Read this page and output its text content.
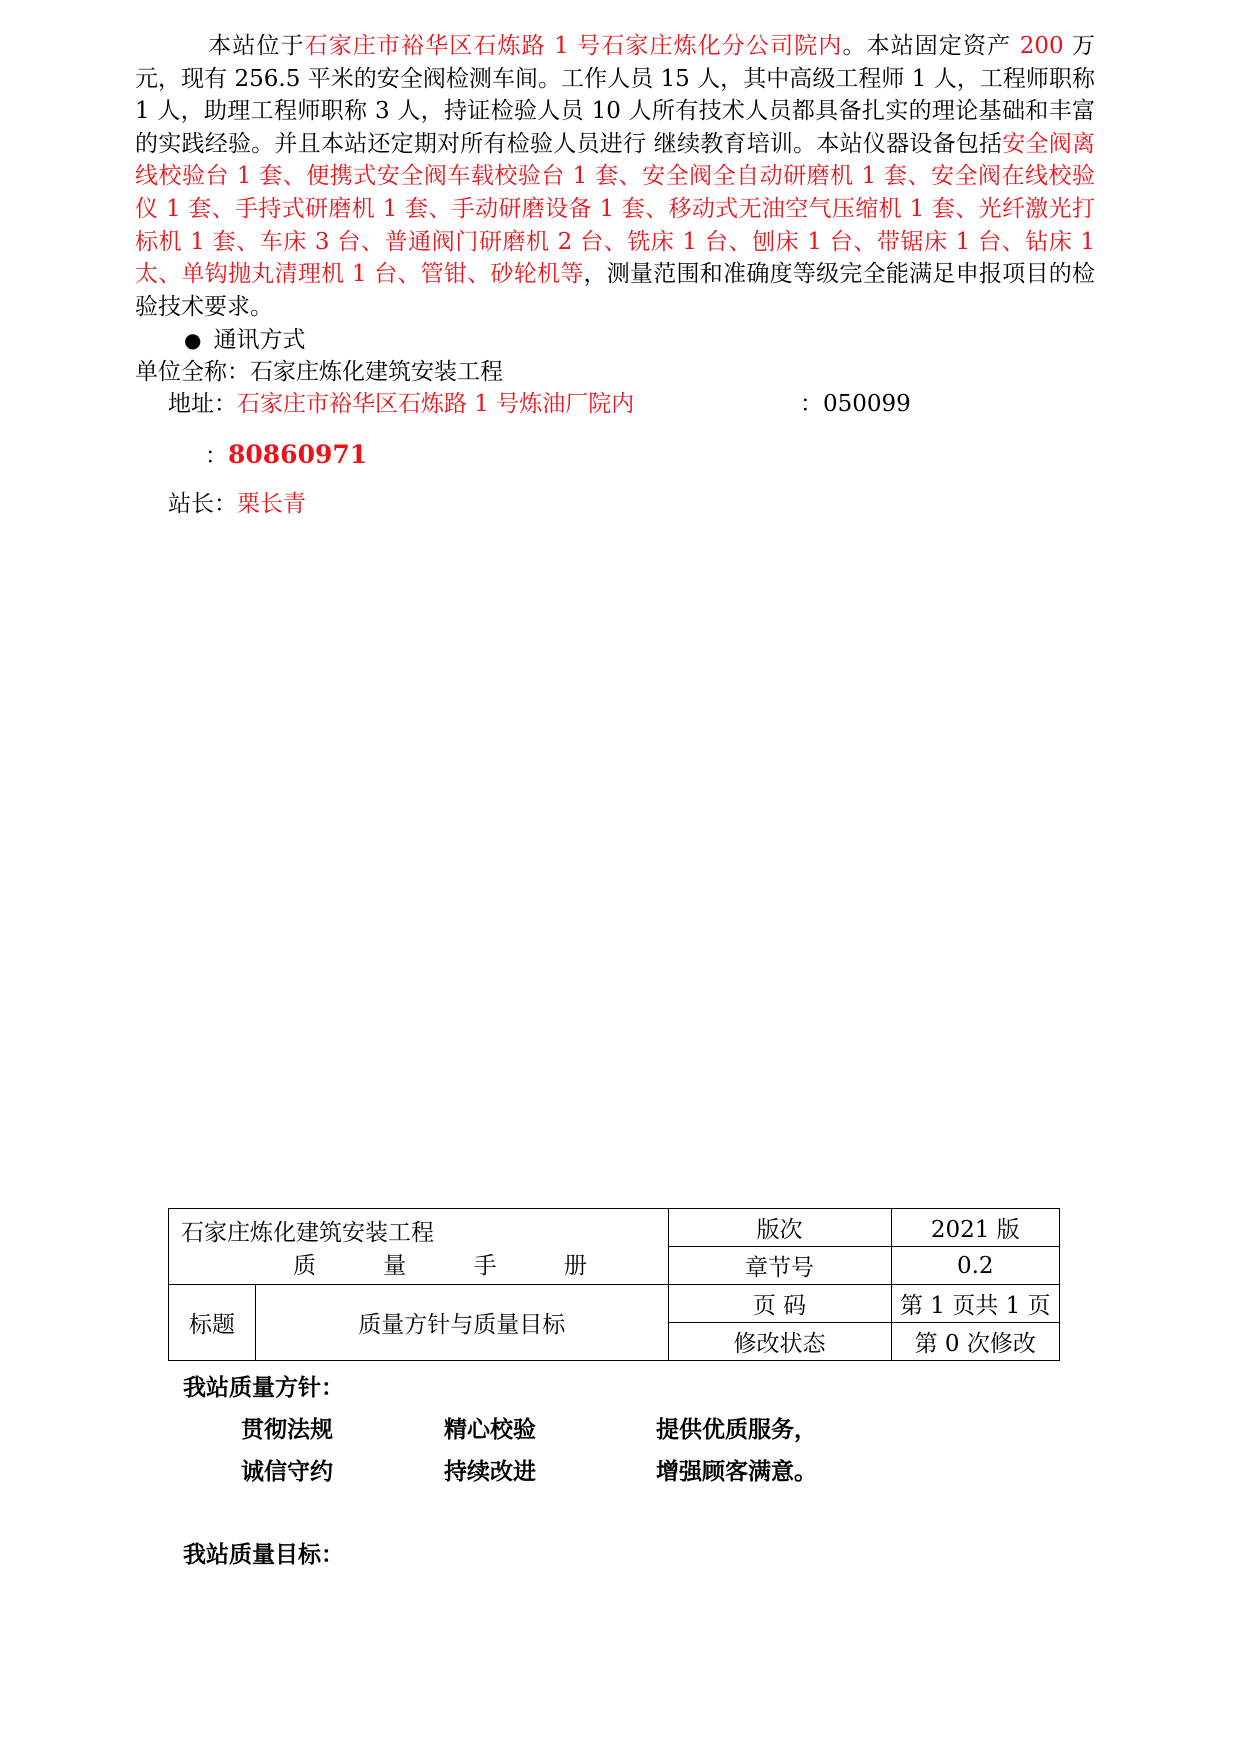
本站位于石家庄市裕华区石炼路 1 号石家庄炼化分公司院内。本站固定资产 200 万元，现有 256.5 平米的安全阀检测车间。工作人员 15 人，其中高级工程师 1 人，工程师职称 1 人，助理工程师职称 3 人，持证检验人员 10 人所有技术人员都具备扎实的理论基础和丰富的实践经验。并且本站还定期对所有检验人员进行 继续教育培训。本站仪器设备包括安全阀离线校验台 1 套、便携式安全阀车载校验台 1 套、安全阀全自动研磨机 1 套、安全阀在线校验仪 1 套、手持式研磨机 1 套、手动研磨设备 1 套、移动式无油空气压缩机 1 套、光纤激光打标机 1 套、车床 3 台、普通阀门研磨机 2 台、铣床 1 台、刨床 1 台、带锯床 1 台、钻床 1 太、单钩抛丸清理机 1 台、管钳、砂轮机等，测量范围和准确度等级完全能满足申报项目的检验技术要求。
● 通讯方式
单位全称：石家庄炼化建筑安装工程
地址：石家庄市裕华区石炼路 1 号炼油厂院内	：050099
：80860971
站长：栗长青
石家庄炼化建筑安装工程
质 量 手 册		版次	2021 版
		章节号	0.2
标题	质量方针与质量目标	页 码	第 1 页共 1 页
		修改状态	第 0 次修改
我站质量方针：
贯彻法规	精心校验	提供优质服务，
诚信守约	持续改进	增强顾客满意。
我站质量目标：
